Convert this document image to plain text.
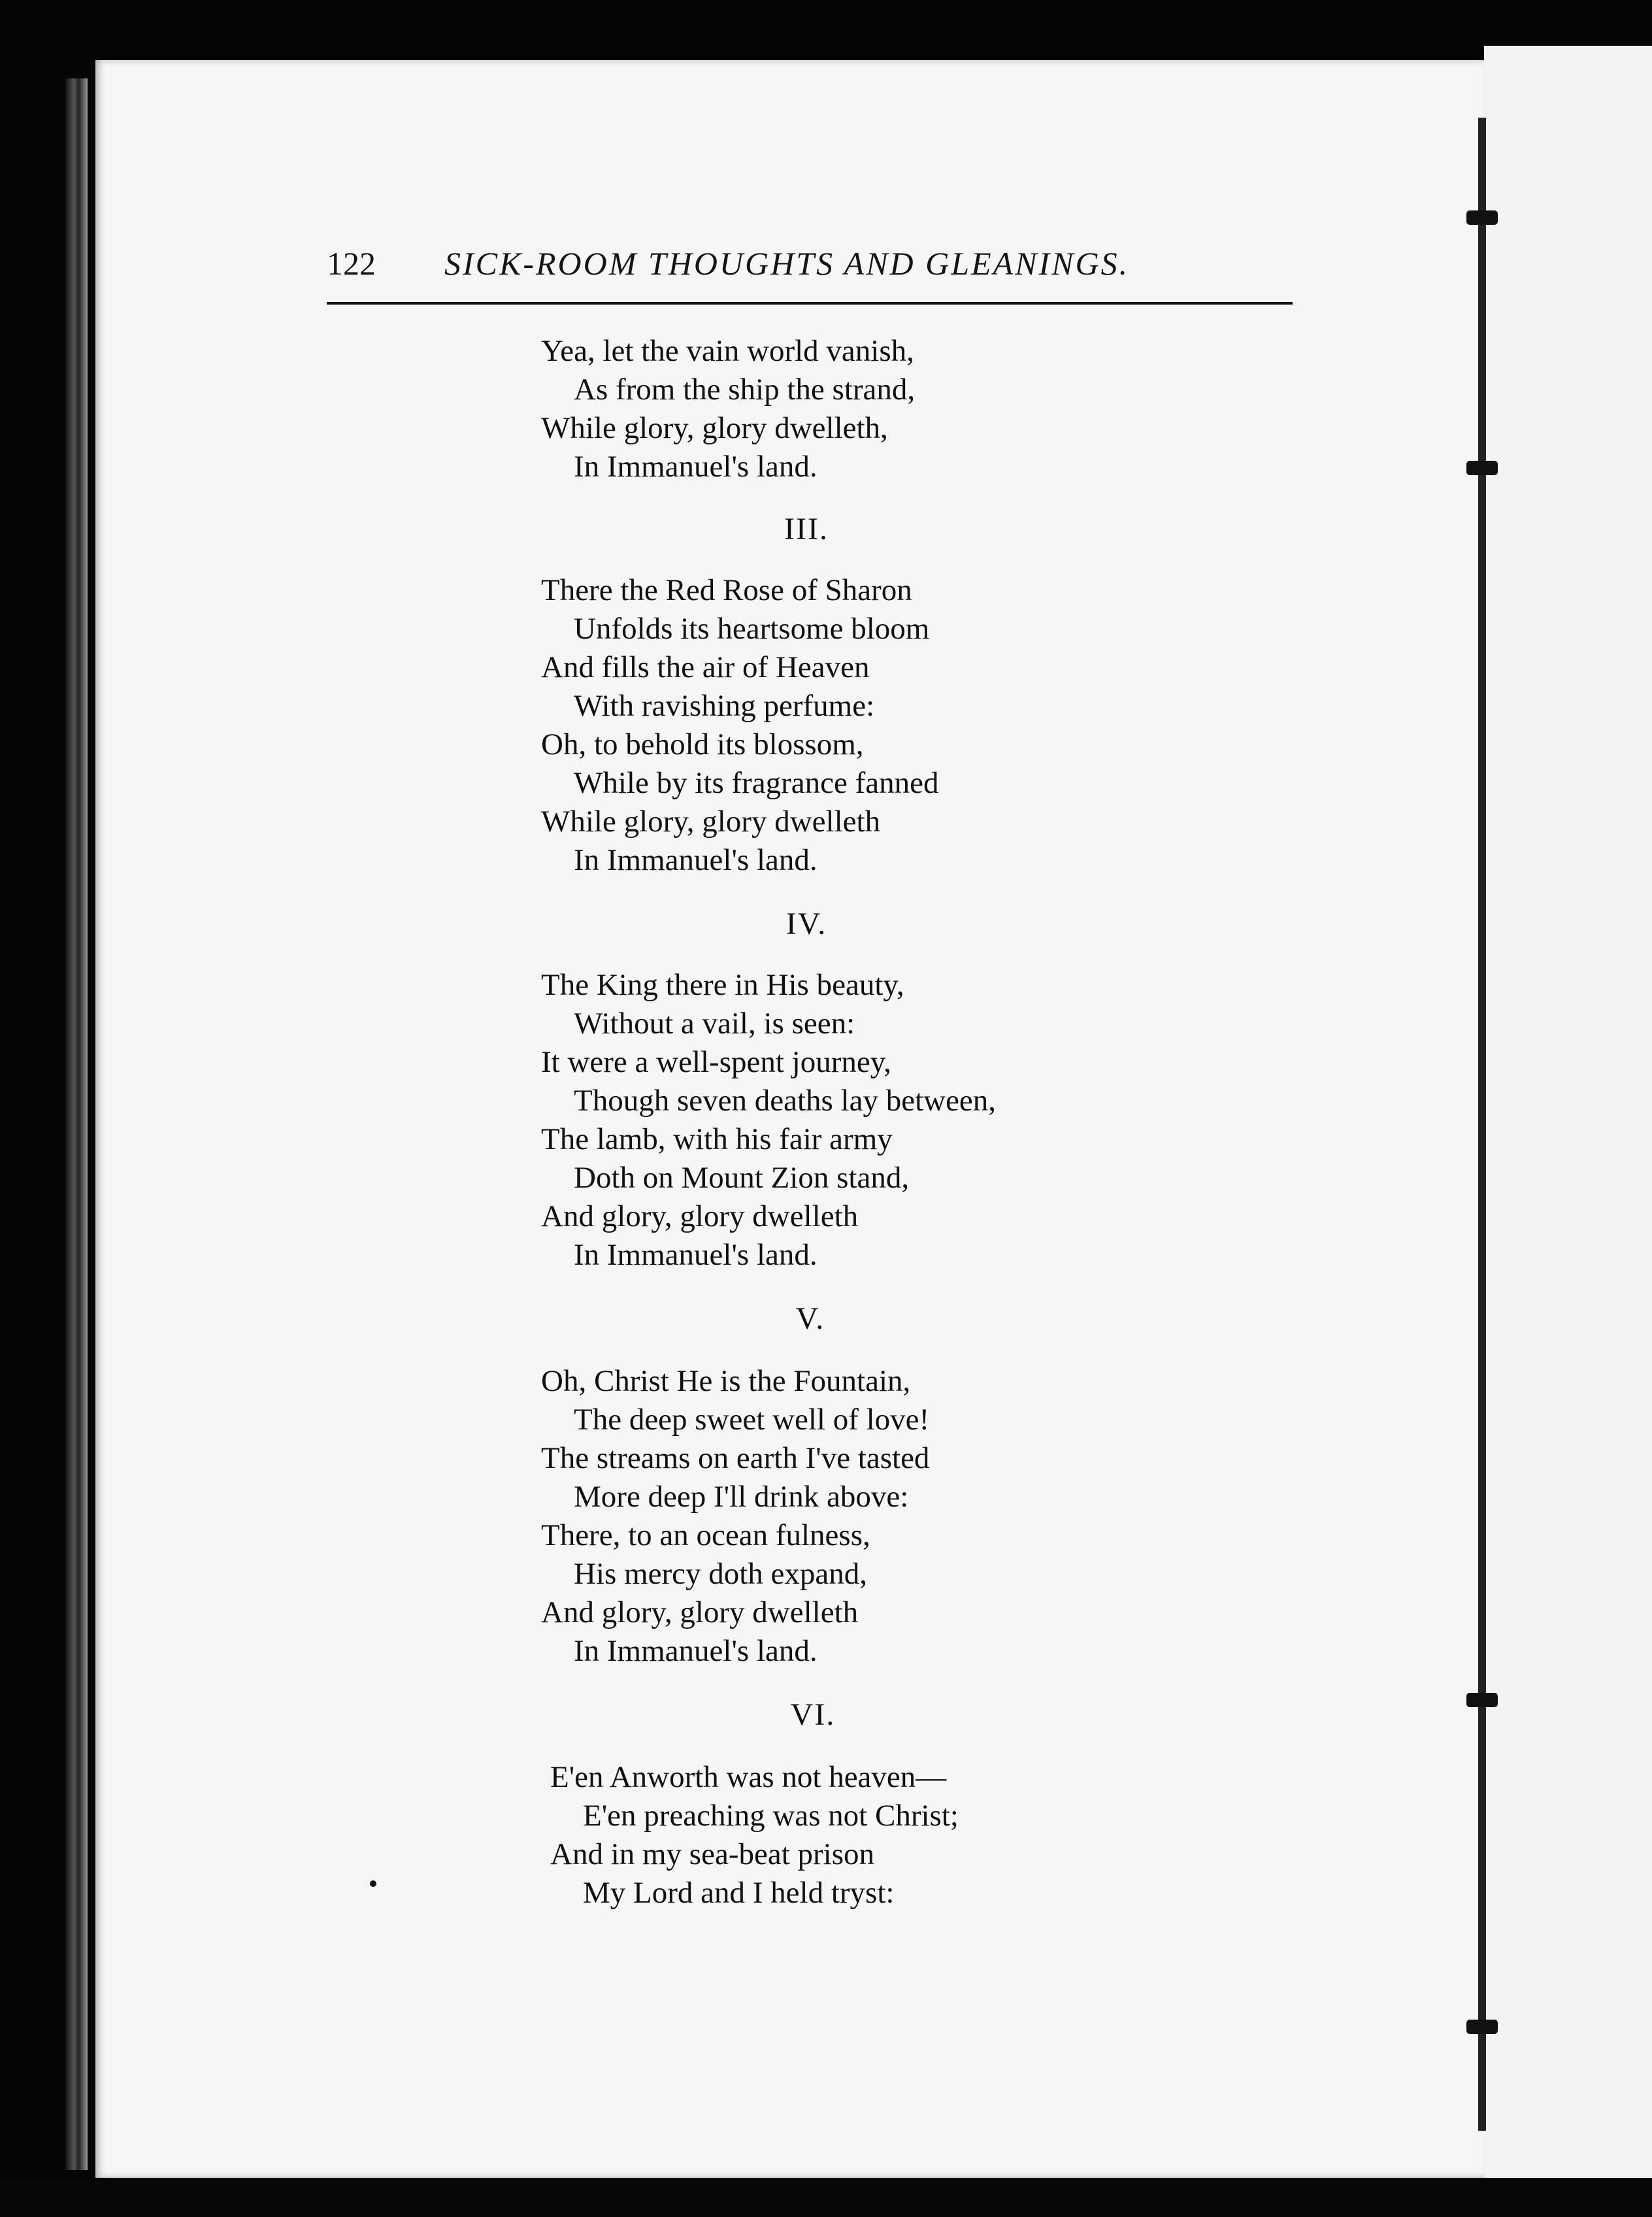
122 SICK-ROOM THOUGHTS AND GLEANINGS.
Yea, let the vain world vanish,
As from the ship the strand,
While glory, glory dwelleth,
In Immanuel's land.
III.
There the Red Rose of Sharon
Unfolds its heartsome bloom
And fills the air of Heaven
With ravishing perfume:
Oh, to behold its blossom,
While by its fragrance fanned
While glory, glory dwelleth
In Immanuel's land.
IV.
The King there in His beauty,
Without a vail, is seen:
It were a well-spent journey,
Though seven deaths lay between,
The lamb, with his fair army
Doth on Mount Zion stand,
And glory, glory dwelleth
In Immanuel's land.
V.
Oh, Christ He is the Fountain,
The deep sweet well of love!
The streams on earth I've tasted
More deep I'll drink above:
There, to an ocean fulness,
His mercy doth expand,
And glory, glory dwelleth
In Immanuel's land.
VI.
E'en Anworth was not heaven—
E'en preaching was not Christ;
And in my sea-beat prison
My Lord and I held tryst:
